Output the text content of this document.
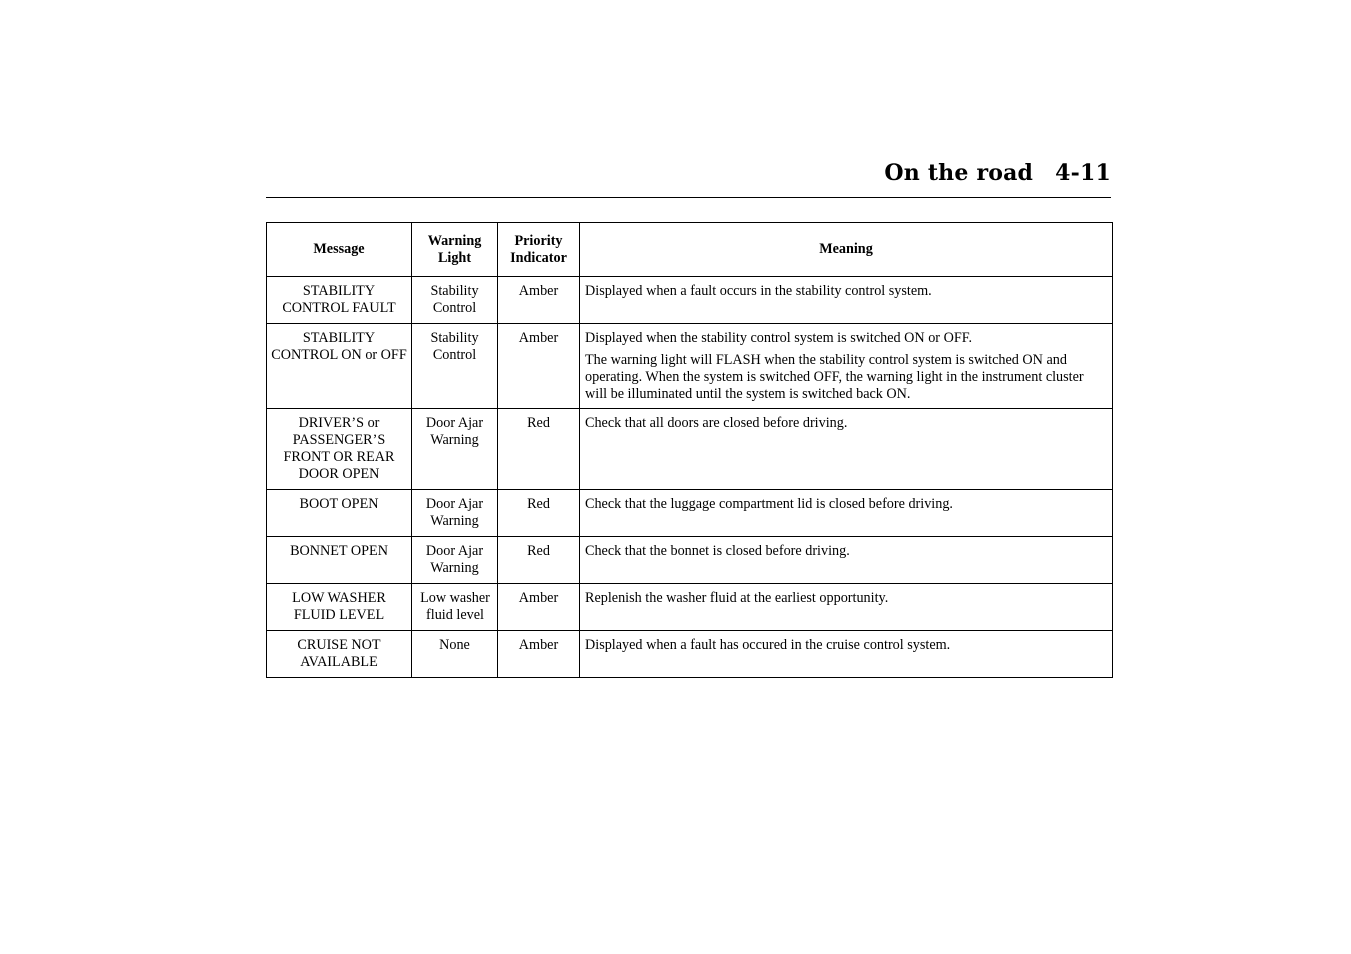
On the road 4-11
Message	Warning Light	Priority Indicator	Meaning

STABILITY CONTROL FAULT	Stability Control	Amber	Displayed when a fault occurs in the stability control system.

STABILITY CONTROL ON or OFF	Stability Control	Amber	Displayed when the stability control system is switched ON or OFF.

The warning light will FLASH when the stability control system is switched ON and operating. When the system is switched OFF, the warning light in the instrument cluster will be illuminated until the system is switched back ON.

DRIVER’S or PASSENGER’S FRONT OR REAR DOOR OPEN	Door Ajar Warning	Red	Check that all doors are closed before driving.

BOOT OPEN	Door Ajar Warning	Red	Check that the luggage compartment lid is closed before driving.

BONNET OPEN	Door Ajar Warning	Red	Check that the bonnet is closed before driving.

LOW WASHER FLUID LEVEL	Low washer fluid level	Amber	Replenish the washer fluid at the earliest opportunity.

CRUISE NOT AVAILABLE	None	Amber	Displayed when a fault has occured in the cruise control system.
